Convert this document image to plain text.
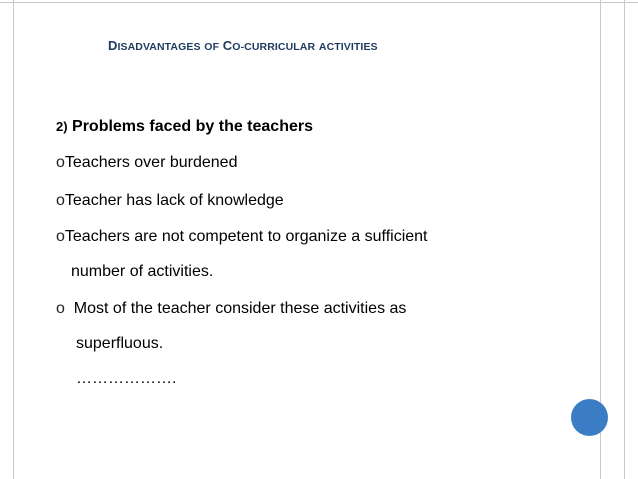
DISADVANTAGES OF CO-CURRICULAR ACTIVITIES
2) Problems faced by the teachers
oTeachers over burdened
oTeacher has lack of knowledge
oTeachers are not competent to organize a sufficient
number of activities.
o  Most of the teacher consider these activities as
superfluous.
……………….
